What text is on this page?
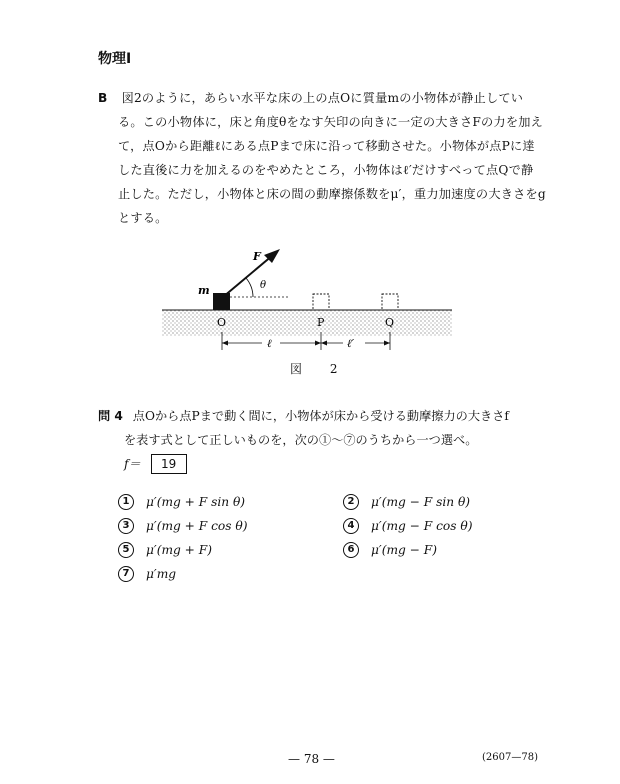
物理Ⅰ
B 図2のように，あらい水平な床の上の点Oに質量mの小物体が静止してい
る。この小物体に，床と角度θをなす矢印の向きに一定の大きさFの力を加え
て，点Oから距離ℓにある点Pまで床に沿って移動させた。小物体が点Pに達
した直後に力を加えるのをやめたところ，小物体はℓ′だけすべって点Qで静
止した。ただし，小物体と床の間の動摩擦係数をμ′，重力加速度の大きさをg
とする。
F
θ
m
O	P	Q
ℓ	ℓ′
図 2
問 4 点Oから点Pまで動く間に，小物体が床から受ける動摩擦力の大きさf
を表す式として正しいものを，次の①〜⑦のうちから一つ選べ。
f＝ 19
1	μ′(mg + F sin θ)	2	μ′(mg − F sin θ)
3	μ′(mg + F cos θ)	4	μ′(mg − F cos θ)
5	μ′(mg + F)	6	μ′(mg − F)
7	μ′mg
— 78 —	(2607—78)
